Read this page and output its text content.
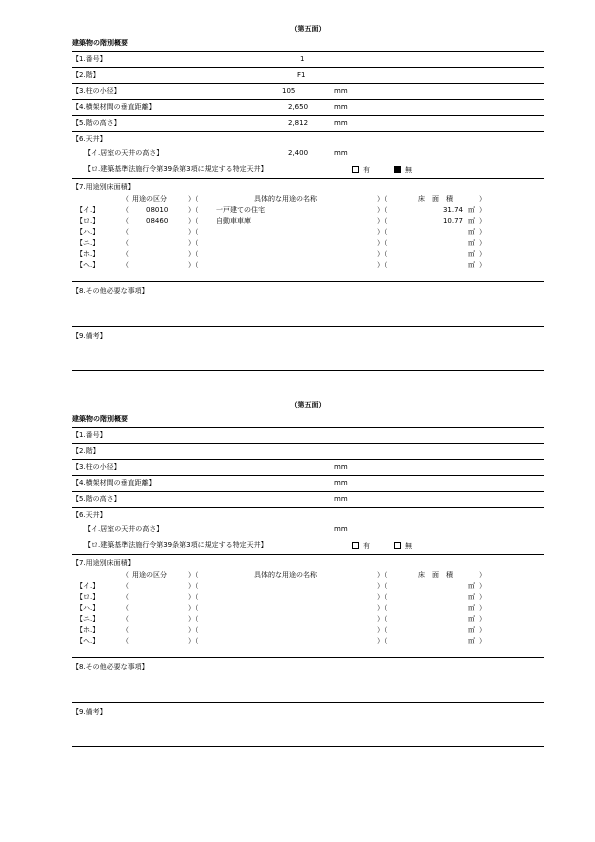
（第五面）
建築物の階別概要
【1.番号】	1
【2.階】	F1
【3.柱の小径】	105	mm
【4.横架材間の垂直距離】	2,650	mm
【5.階の高さ】	2,812	mm
【6.天井】
【イ.居室の天井の高さ】	2,400	mm
【ロ.建築基準法施行令第39条第3項に規定する特定天井】	有	無
【7.用途別床面積】
（ 用途の区分	）（	具体的な用途の名称	）（	床　面　積	）
【イ.】	（ 08010	）（	一戸建ての住宅	）（	31.74 ㎡ ）
【ロ.】	（ 08460	）（	自動車車庫	）（	10.77 ㎡ ）
【ハ.】	（	）（	）（	㎡ ）
【ニ.】	（	）（	）（	㎡ ）
【ホ.】	（	）（	）（	㎡ ）
【ヘ.】	（	）（	）（	㎡ ）
【8.その他必要な事項】
【9.備考】
（第五面）
建築物の階別概要
【1.番号】
【2.階】
【3.柱の小径】	mm
【4.横架材間の垂直距離】	mm
【5.階の高さ】	mm
【6.天井】
【イ.居室の天井の高さ】	mm
【ロ.建築基準法施行令第39条第3項に規定する特定天井】	有	無
【7.用途別床面積】
（ 用途の区分	）（	具体的な用途の名称	）（	床　面　積	）
【イ.】	（	）（	）（	㎡ ）
【ロ.】	（	）（	）（	㎡ ）
【ハ.】	（	）（	）（	㎡ ）
【ニ.】	（	）（	）（	㎡ ）
【ホ.】	（	）（	）（	㎡ ）
【ヘ.】	（	）（	）（	㎡ ）
【8.その他必要な事項】
【9.備考】
